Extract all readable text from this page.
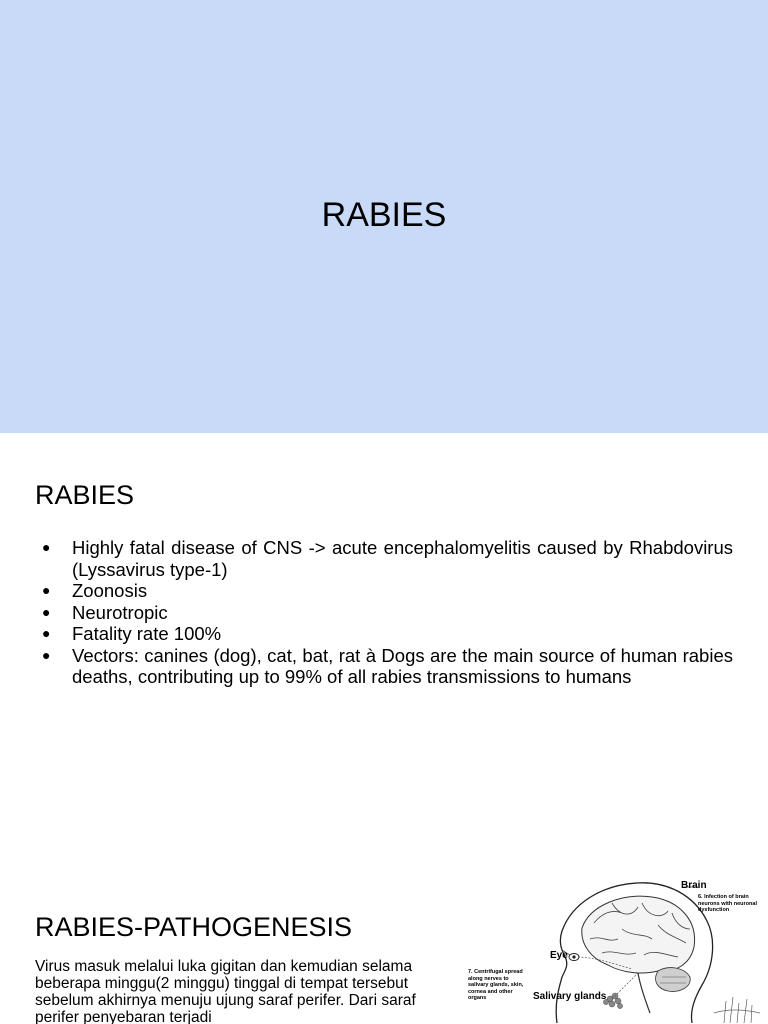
RABIES
RABIES
● Highly fatal disease of CNS -> acute encephalomyelitis caused by Rhabdovirus (Lyssavirus type-1)
● Zoonosis
● Neurotropic
● Fatality rate 100%
● Vectors: canines (dog), cat, bat, rat à Dogs are the main source of human rabies deaths, contributing up to 99% of all rabies transmissions to humans
RABIES-PATHOGENESIS
Virus masuk melalui luka gigitan dan kemudian selama beberapa minggu(2 minggu) tinggal di tempat tersebut sebelum akhirnya menuju ujung saraf perifer. Dari saraf perifer penyebaran terjadi
Brain
6. Infection of brain neurons with neuronal dysfunction
Eye
7. Centrifugal spread along nerves to salivary glands, skin, cornea and other organs	Salivary glands
